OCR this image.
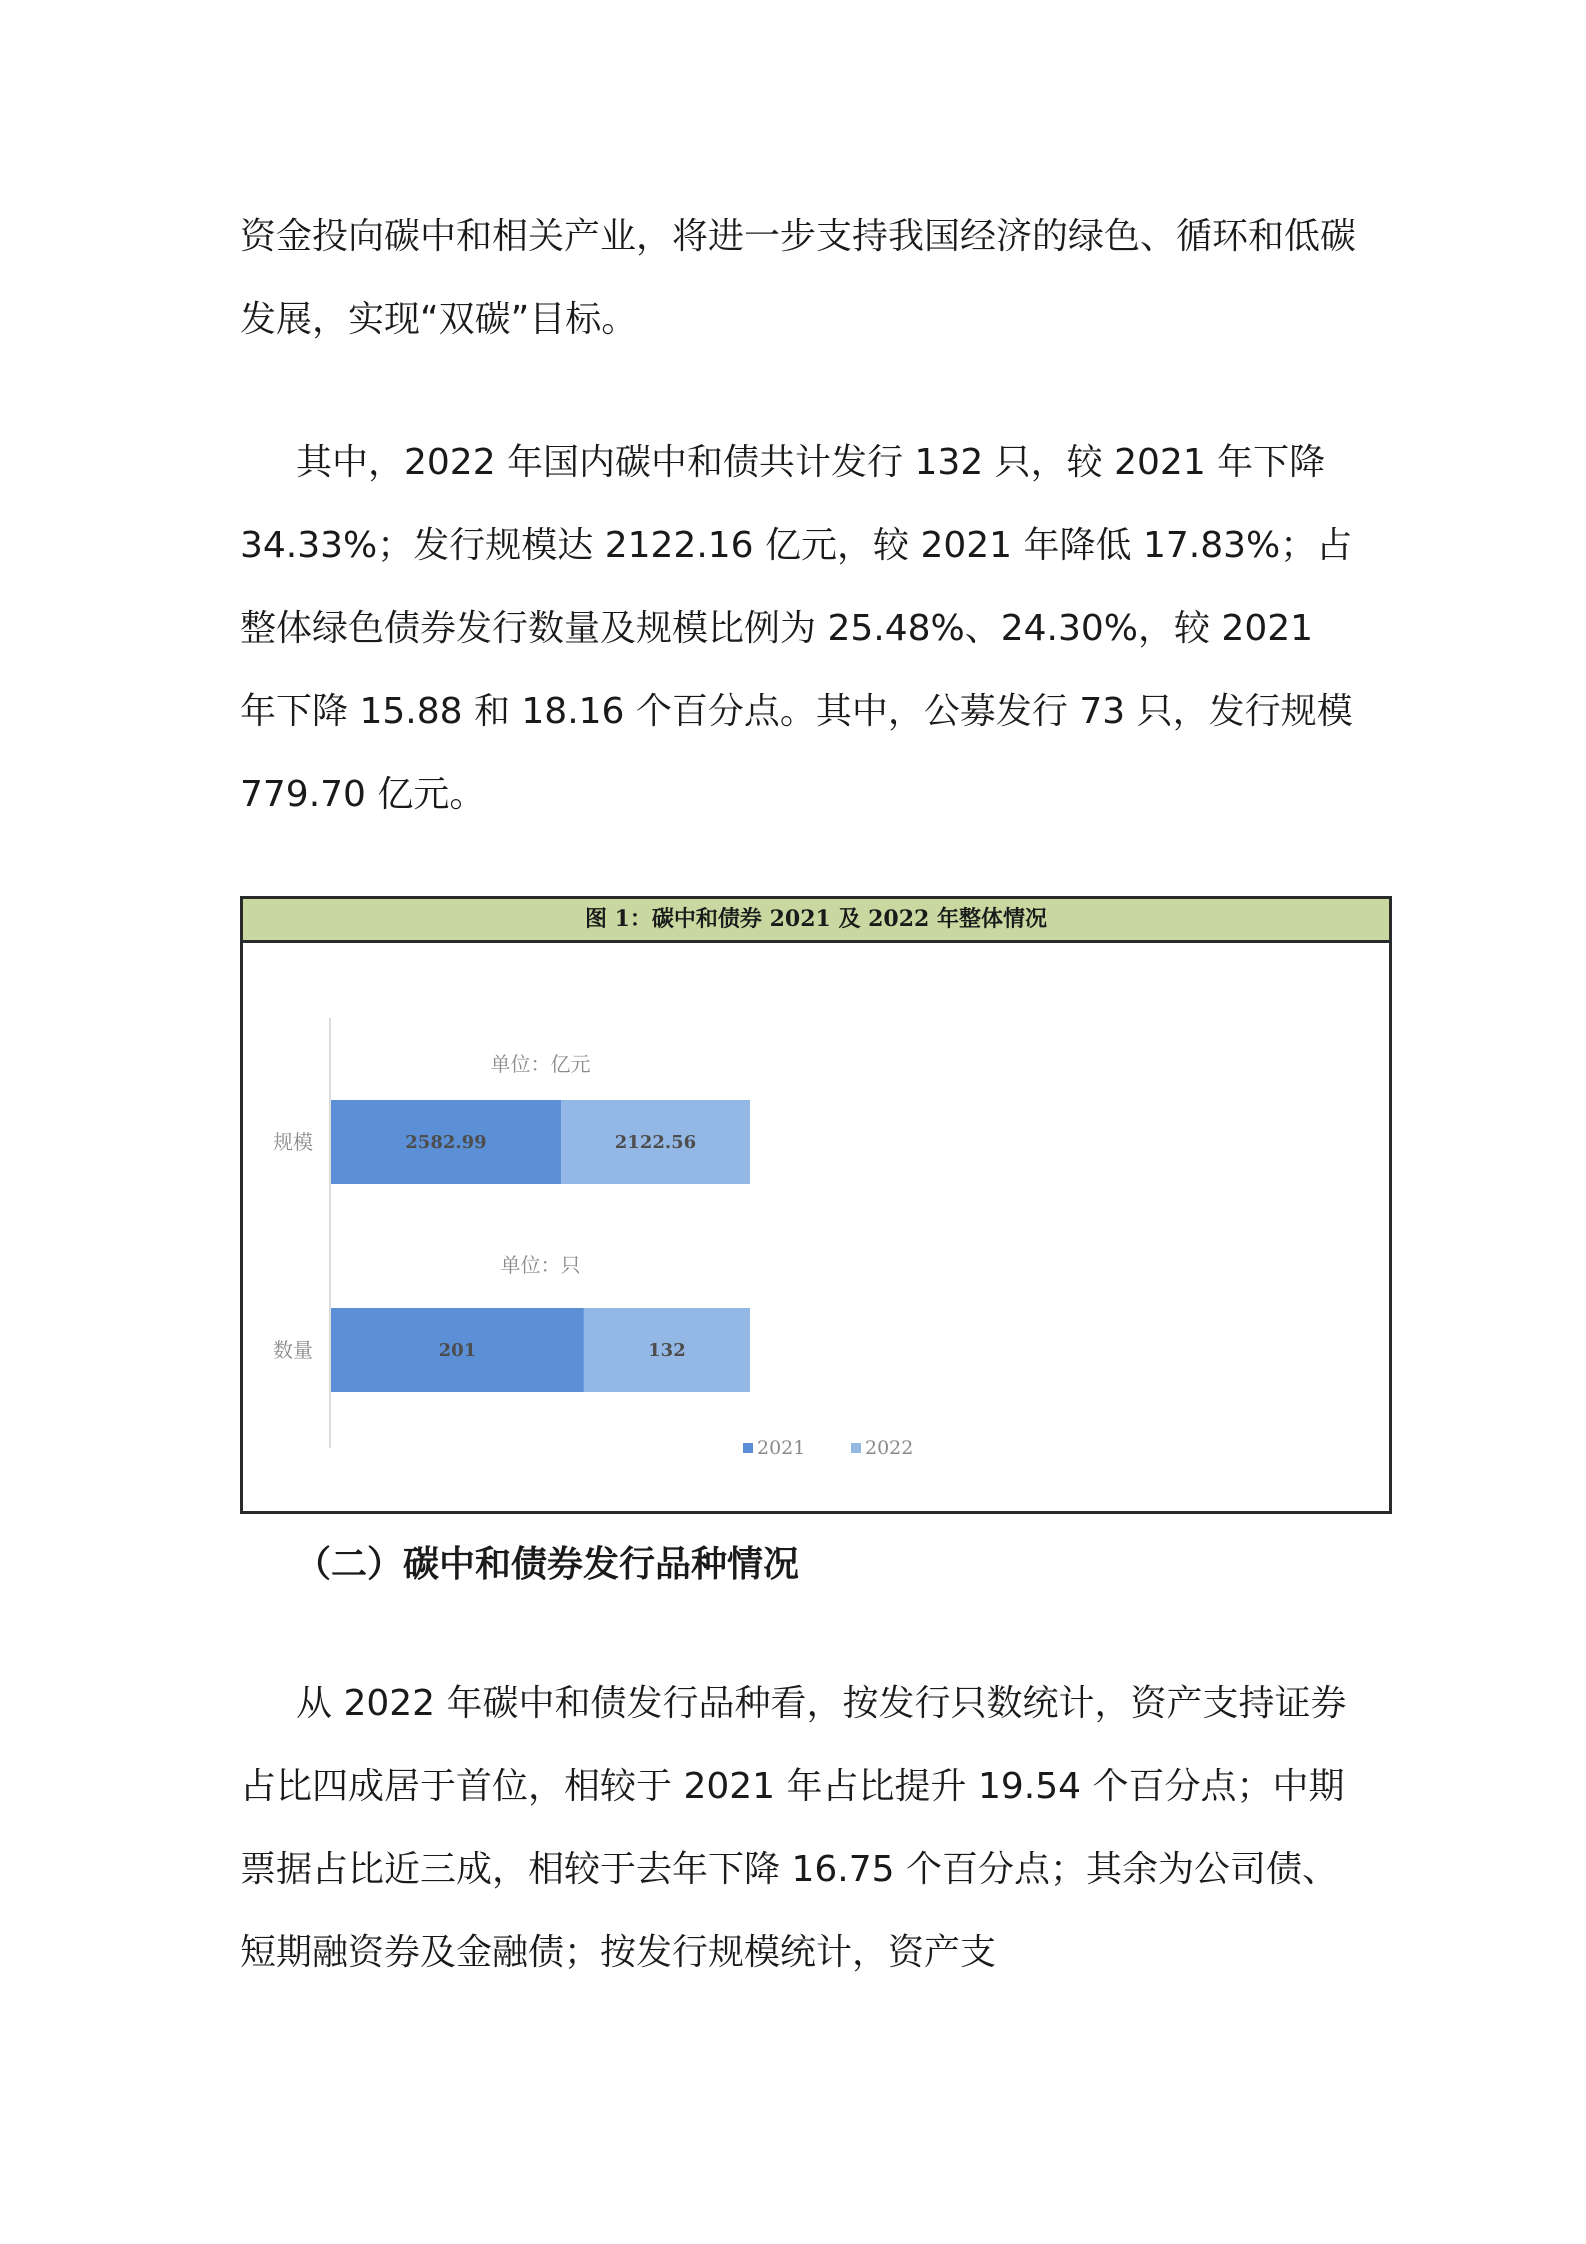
资金投向碳中和相关产业，将进一步支持我国经济的绿色、循环和低碳发展，实现“双碳”目标。

其中，2022 年国内碳中和债共计发行 132 只，较 2021 年下降 34.33%；发行规模达 2122.16 亿元，较 2021 年降低 17.83%；占整体绿色债券发行数量及规模比例为 25.48%、24.30%，较 2021 年下降 15.88 和 18.16 个百分点。其中，公募发行 73 只，发行规模 779.70 亿元。

图 1：碳中和债券 2021 及 2022 年整体情况
单位：亿元
规模	2582.99	2122.56
单位：只
数量	201	132
2021	2022

（二）碳中和债券发行品种情况

从 2022 年碳中和债发行品种看，按发行只数统计，资产支持证券占比四成居于首位，相较于 2021 年占比提升 19.54 个百分点；中期票据占比近三成，相较于去年下降 16.75 个百分点；其余为公司债、短期融资券及金融债；按发行规模统计，资产支
